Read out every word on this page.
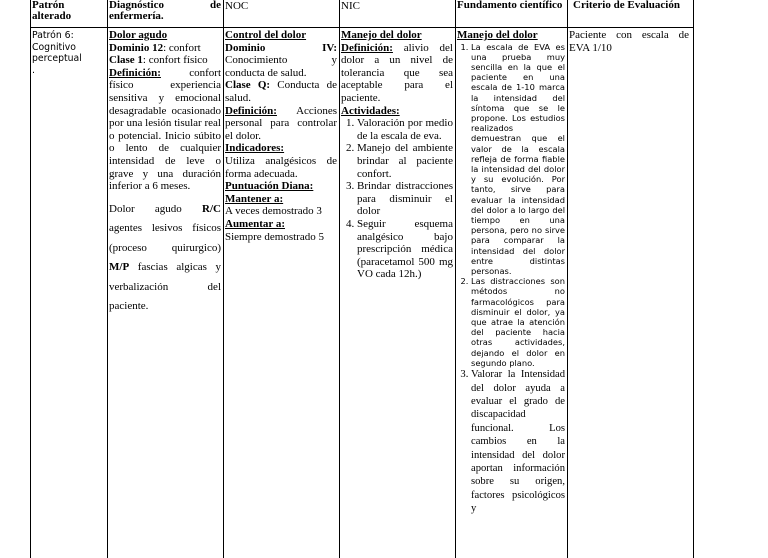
Patrón alterado
Diagnóstico de enfermería.
NOC	NIC	Fundamento científico Criterio de Evaluación

Patrón 6:

Cognitivo perceptual

.

Dolor agudo

Dominio 12: confort

Clase 1: confort físico

Definición: confort físico experiencia sensitiva y emocional desagradable ocasionado por una lesión tisular real o potencial. Inicio súbito o lento de cualquier intensidad de leve o grave y una duración inferior a 6 meses.

Dolor agudo R/C agentes lesivos físicos (proceso quirurgico) M/P fascias algicas y verbalización del paciente.

Control del dolor

Dominio IV: Conocimiento y conducta de salud.

Clase Q: Conducta de salud.

Definición: Acciones personal para controlar el dolor.

Indicadores:

Utiliza analgésicos de forma adecuada.

Puntuación Diana:

Mantener a:

A veces demostrado 3

Aumentar a:

Siempre demostrado 5

Manejo del dolor

Definición: alivio del dolor a un nivel de tolerancia que sea aceptable para el paciente.

Actividades:

1. Valoración por medio de la escala de eva.
2. Manejo del ambiente brindar al paciente confort.
3. Brindar distracciones para disminuir el dolor
4. Seguir esquema analgésico bajo prescripción médica (paracetamol 500 mg VO cada 12h.)

Manejo del dolor

1. La escala de EVA es una prueba muy sencilla en la que el paciente en una escala de 1-10 marca la intensidad del síntoma que se le propone. Los estudios realizados demuestran que el valor de la escala refleja de forma fiable la intensidad del dolor y su evolución. Por tanto, sirve para evaluar la intensidad del dolor a lo largo del tiempo en una persona, pero no sirve para comparar la intensidad del dolor entre distintas personas.
2. Las distracciones son métodos no farmacológicos para disminuir el dolor, ya que atrae la atención del paciente hacia otras actividades, dejando el dolor en segundo plano.
3. Valorar la Intensidad del dolor ayuda a evaluar el grado de discapacidad funcional. Los cambios en la intensidad del dolor aportan información sobre su origen, factores psicológicos y

Paciente con escala de EVA 1/10
